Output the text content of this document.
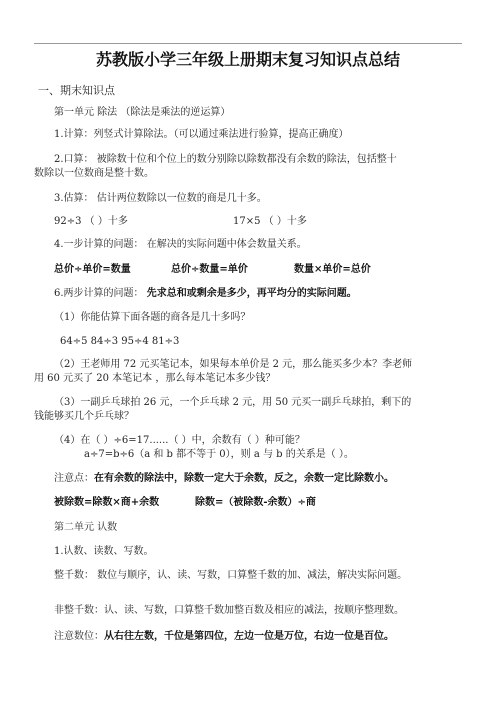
苏教版小学三年级上册期末复习知识点总结
一、期末知识点
第一单元 除法 （除法是乘法的逆运算）
1.计算：列竖式计算除法。（可以通过乘法进行验算，提高正确度）
2.口算： 被除数十位和个位上的数分别除以除数都没有余数的除法，包括整十
数除以一位数商是整十数。
3.估算： 估计两位数除以一位数的商是几十多。
92÷3 （ ）十多	17×5 （ ）十多
4.一步计算的问题： 在解决的实际问题中体会数量关系。
总价÷单价=数量	总价÷数量=单价	数量×单价=总价
6.两步计算的问题： 先求总和或剩余是多少，再平均分的实际问题。
（1）你能估算下面各题的商各是几十多吗？
64÷5 84÷3 95÷4 81÷3
（2）王老师用 72 元买笔记本，如果每本单价是 2 元，那么能买多少本？李老师
用 60 元买了 20 本笔记本 ，那么每本笔记本多少钱？
（3）一副乒乓球拍 26 元，一个乒乓球 2 元，用 50 元买一副乒乓球拍，剩下的
钱能够买几个乒乓球？
（4）在（ ）÷6=17......（ ）中，余数有（ ）种可能？
a÷7=b÷6（a 和 b 都不等于 0），则 a 与 b 的关系是（ ）。
注意点：在有余数的除法中，除数一定大于余数，反之，余数一定比除数小。
被除数=除数×商+余数	除数=（被除数-余数）÷商
第二单元 认数
1.认数、读数、写数。
整千数： 数位与顺序，认、读、写数，口算整千数的加、减法，解决实际问题。
非整千数：认、读、写数，口算整千数加整百数及相应的减法，按顺序整理数。
注意数位：从右往左数，千位是第四位，左边一位是万位，右边一位是百位。
